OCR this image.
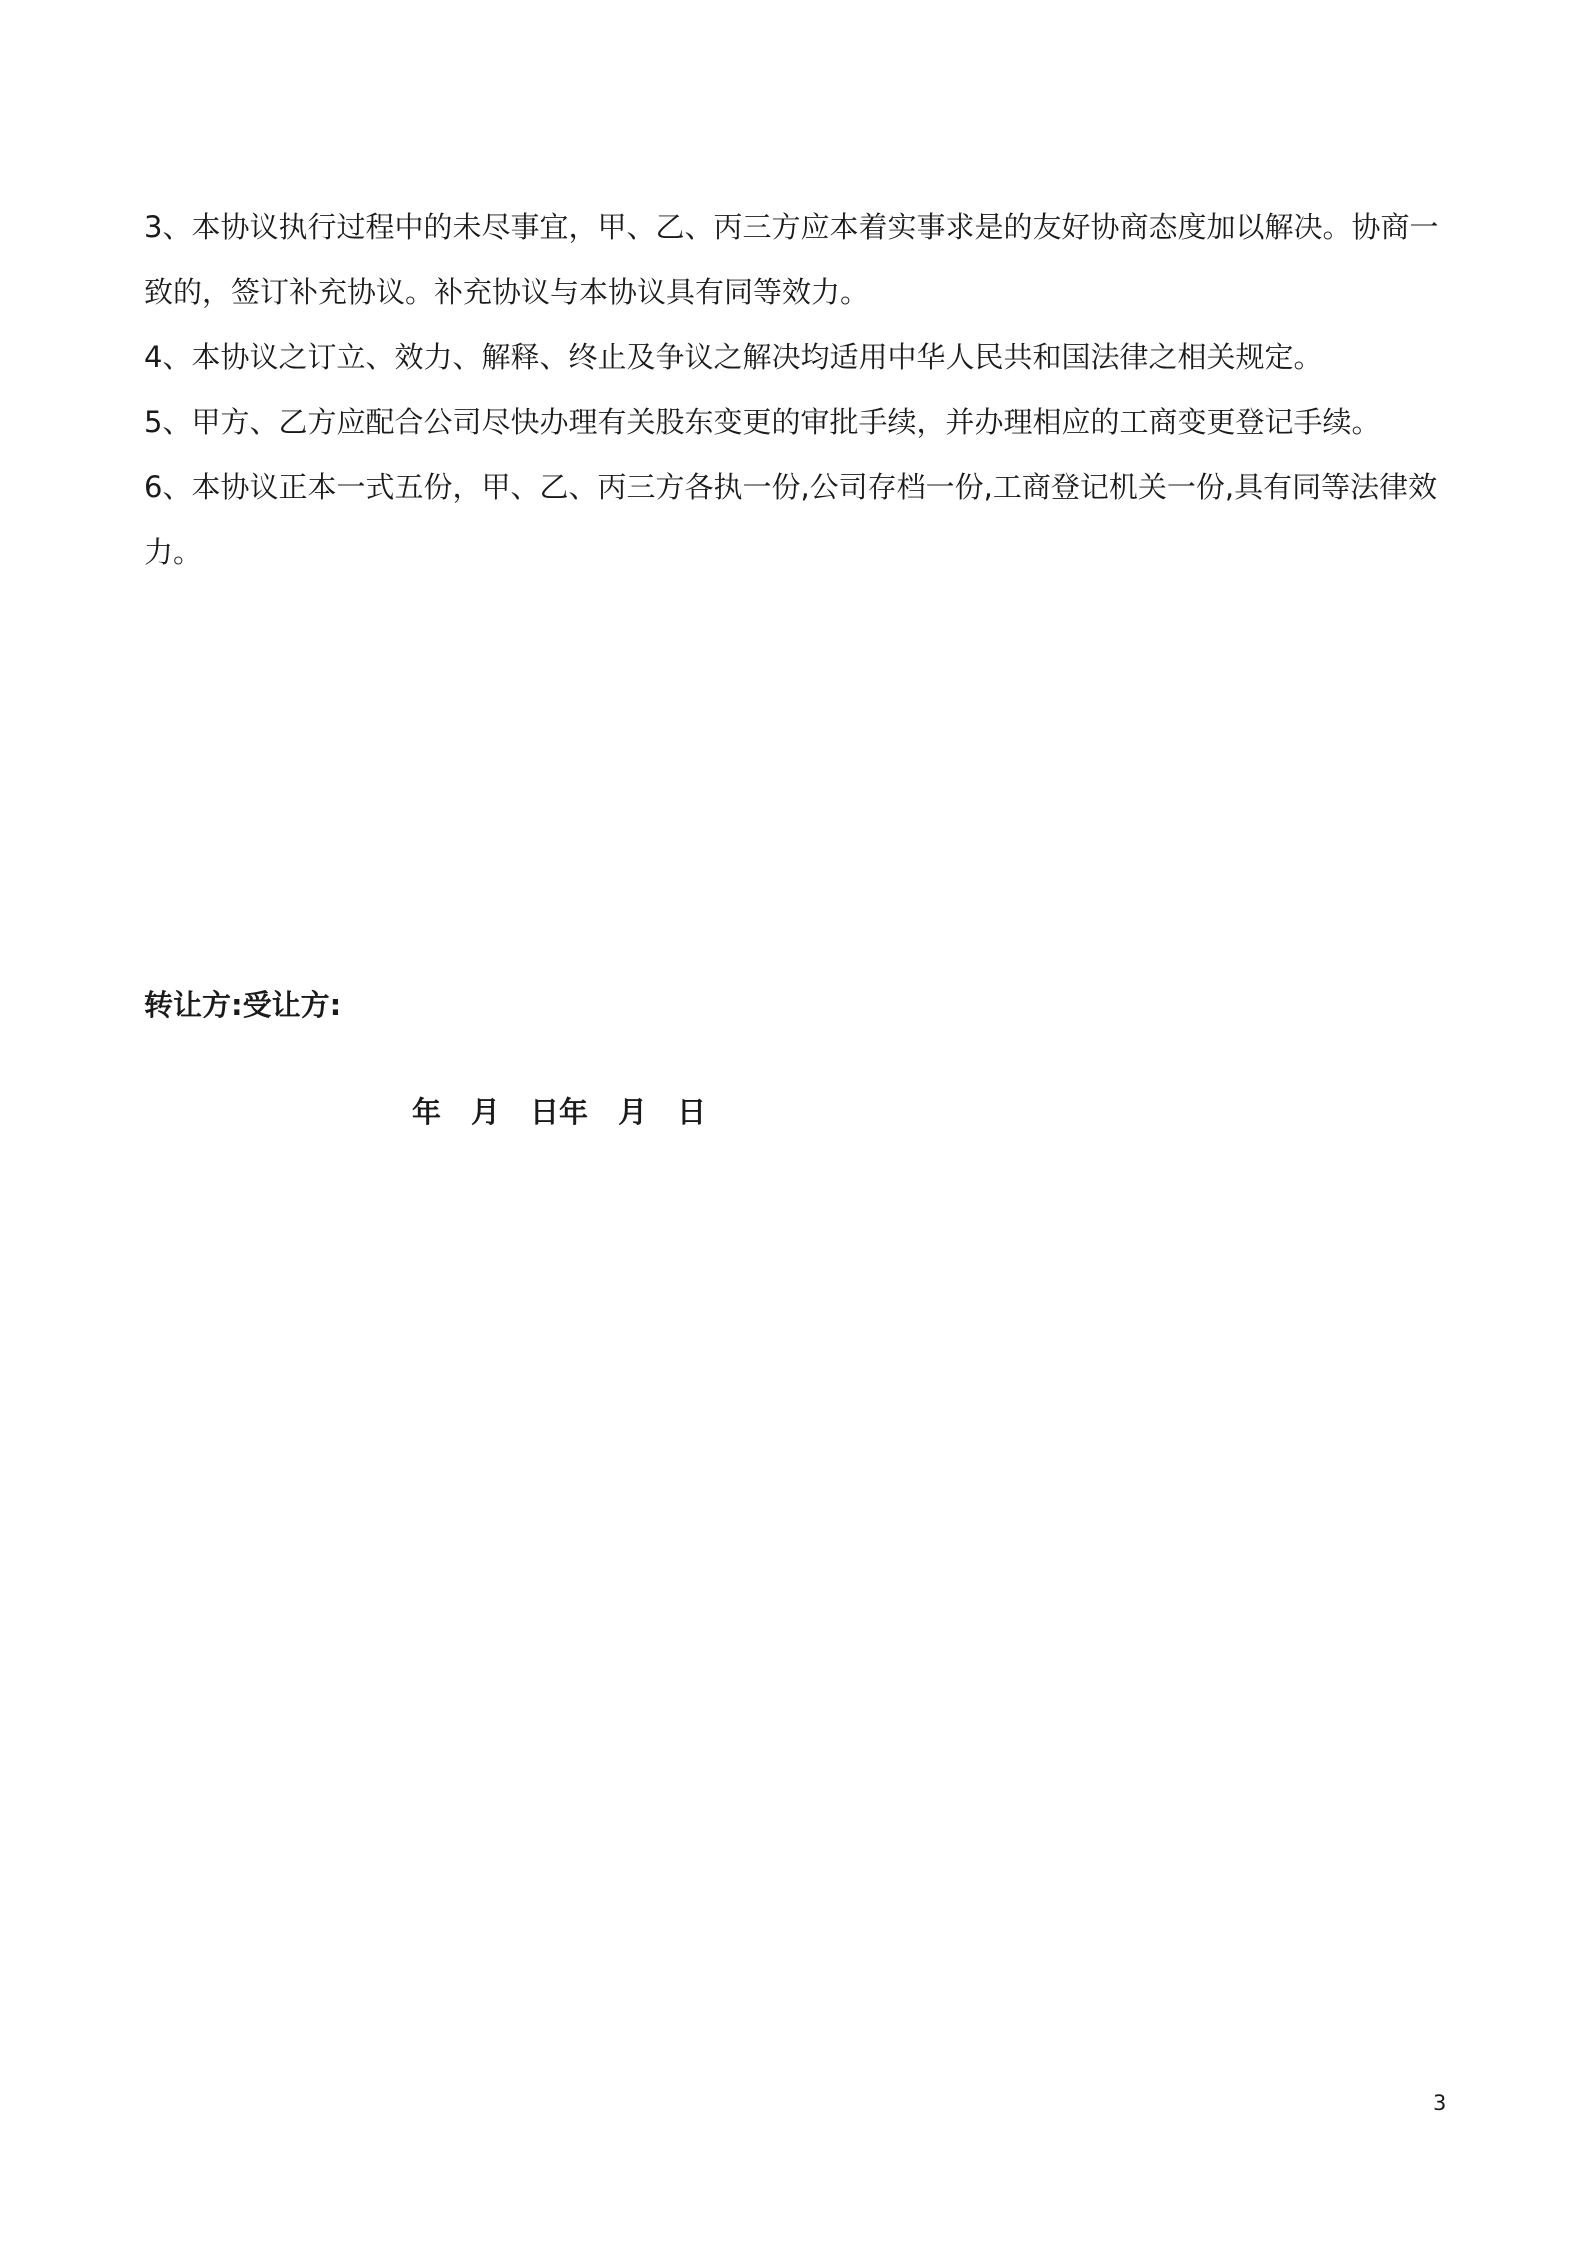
3、本协议执行过程中的未尽事宜，甲、乙、丙三方应本着实事求是的友好协商态度加以解决。协商一致的，签订补充协议。补充协议与本协议具有同等效力。

4、本协议之订立、效力、解释、终止及争议之解决均适用中华人民共和国法律之相关规定。

5、甲方、乙方应配合公司尽快办理有关股东变更的审批手续，并办理相应的工商变更登记手续。

6、本协议正本一式五份，甲、乙、丙三方各执一份,公司存档一份,工商登记机关一份,具有同等法律效力。

转让方:受让方:
年 月 日年 月 日
3
